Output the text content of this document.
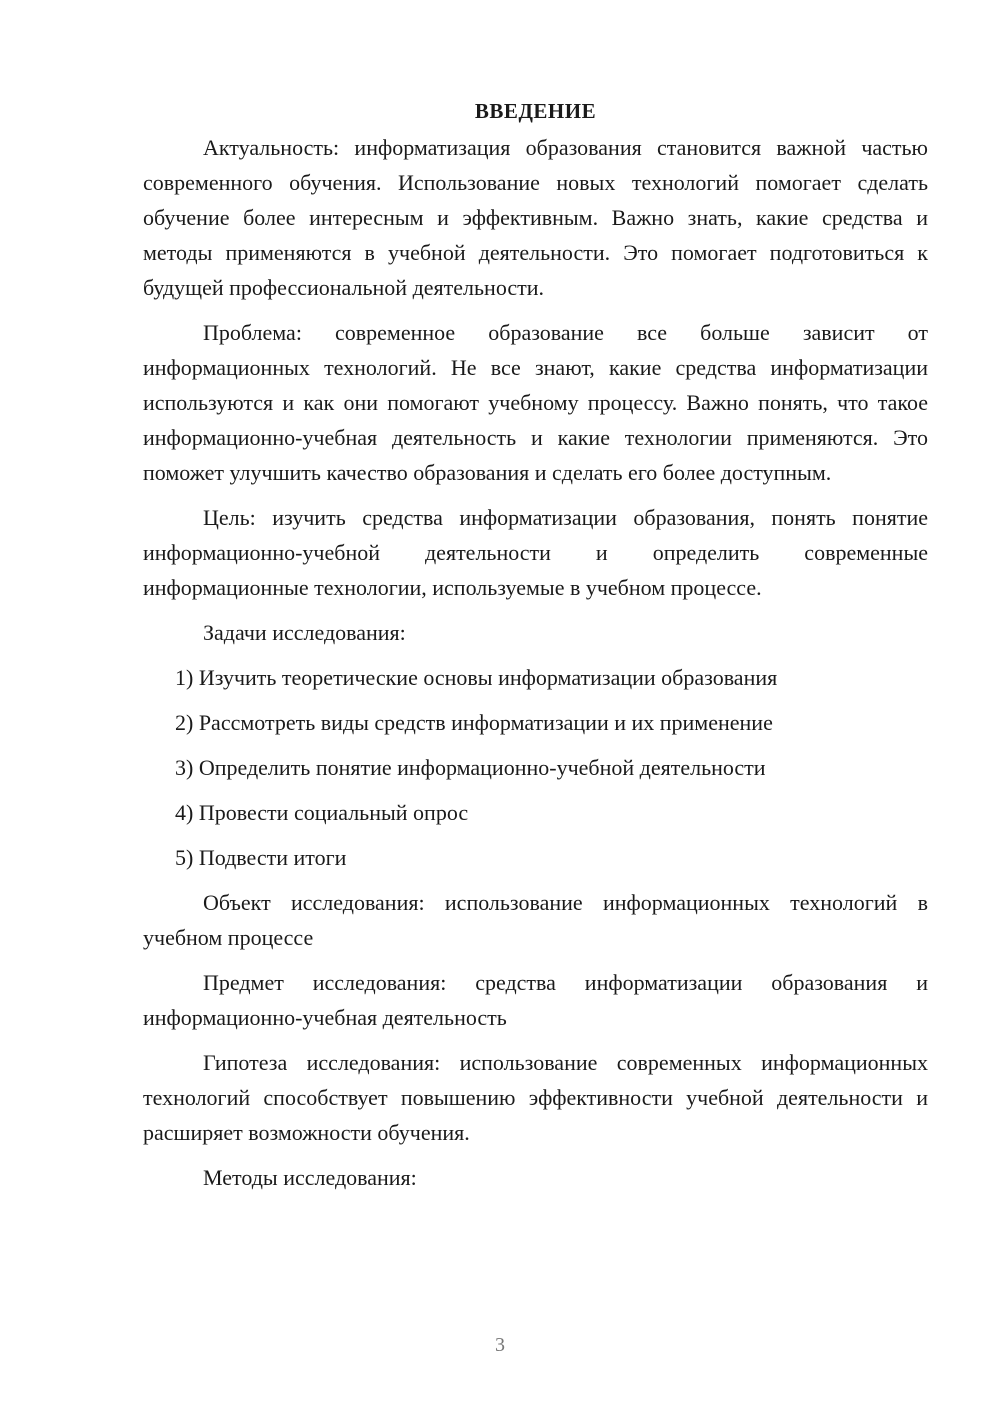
ВВЕДЕНИЕ

Актуальность: информатизация образования становится важной частью современного обучения. Использование новых технологий помогает сделать обучение более интересным и эффективным. Важно знать, какие средства и методы применяются в учебной деятельности. Это помогает подготовиться к будущей профессиональной деятельности.

Проблема: современное образование все больше зависит от информационных технологий. Не все знают, какие средства информатизации используются и как они помогают учебному процессу. Важно понять, что такое информационно-учебная деятельность и какие технологии применяются. Это поможет улучшить качество образования и сделать его более доступным.

Цель: изучить средства информатизации образования, понять понятие информационно-учебной деятельности и определить современные информационные технологии, используемые в учебном процессе.

Задачи исследования:

1) Изучить теоретические основы информатизации образования
2) Рассмотреть виды средств информатизации и их применение
3) Определить понятие информационно-учебной деятельности
4) Провести социальный опрос
5) Подвести итоги

Объект исследования: использование информационных технологий в учебном процессе

Предмет исследования: средства информатизации образования и информационно-учебная деятельность

Гипотеза исследования: использование современных информационных технологий способствует повышению эффективности учебной деятельности и расширяет возможности обучения.

Методы исследования:

3
